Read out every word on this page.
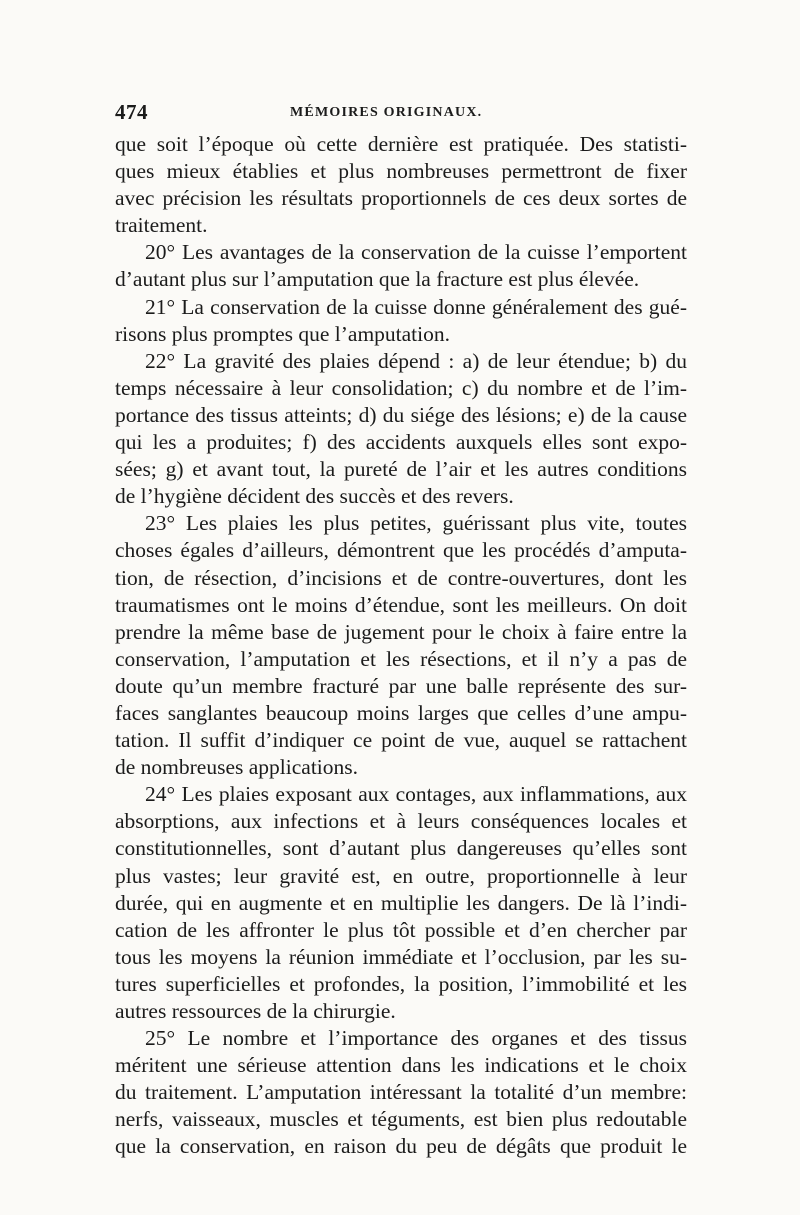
474	MÉMOIRES ORIGINAUX.
que soit l’époque où cette dernière est pratiquée. Des statisti-
ques mieux établies et plus nombreuses permettront de fixer
avec précision les résultats proportionnels de ces deux sortes de
traitement.
20° Les avantages de la conservation de la cuisse l’emportent
d’autant plus sur l’amputation que la fracture est plus élevée.
21° La conservation de la cuisse donne généralement des gué-
risons plus promptes que l’amputation.
22° La gravité des plaies dépend : a) de leur étendue; b) du
temps nécessaire à leur consolidation; c) du nombre et de l’im-
portance des tissus atteints; d) du siége des lésions; e) de la cause
qui les a produites; f) des accidents auxquels elles sont expo-
sées; g) et avant tout, la pureté de l’air et les autres conditions
de l’hygiène décident des succès et des revers.
23° Les plaies les plus petites, guérissant plus vite, toutes
choses égales d’ailleurs, démontrent que les procédés d’amputa-
tion, de résection, d’incisions et de contre-ouvertures, dont les
traumatismes ont le moins d’étendue, sont les meilleurs. On doit
prendre la même base de jugement pour le choix à faire entre la
conservation, l’amputation et les résections, et il n’y a pas de
doute qu’un membre fracturé par une balle représente des sur-
faces sanglantes beaucoup moins larges que celles d’une ampu-
tation. Il suffit d’indiquer ce point de vue, auquel se rattachent
de nombreuses applications.
24° Les plaies exposant aux contages, aux inflammations, aux
absorptions, aux infections et à leurs conséquences locales et
constitutionnelles, sont d’autant plus dangereuses qu’elles sont
plus vastes; leur gravité est, en outre, proportionnelle à leur
durée, qui en augmente et en multiplie les dangers. De là l’indi-
cation de les affronter le plus tôt possible et d’en chercher par
tous les moyens la réunion immédiate et l’occlusion, par les su-
tures superficielles et profondes, la position, l’immobilité et les
autres ressources de la chirurgie.
25° Le nombre et l’importance des organes et des tissus
méritent une sérieuse attention dans les indications et le choix
du traitement. L’amputation intéressant la totalité d’un membre:
nerfs, vaisseaux, muscles et téguments, est bien plus redoutable
que la conservation, en raison du peu de dégâts que produit le
